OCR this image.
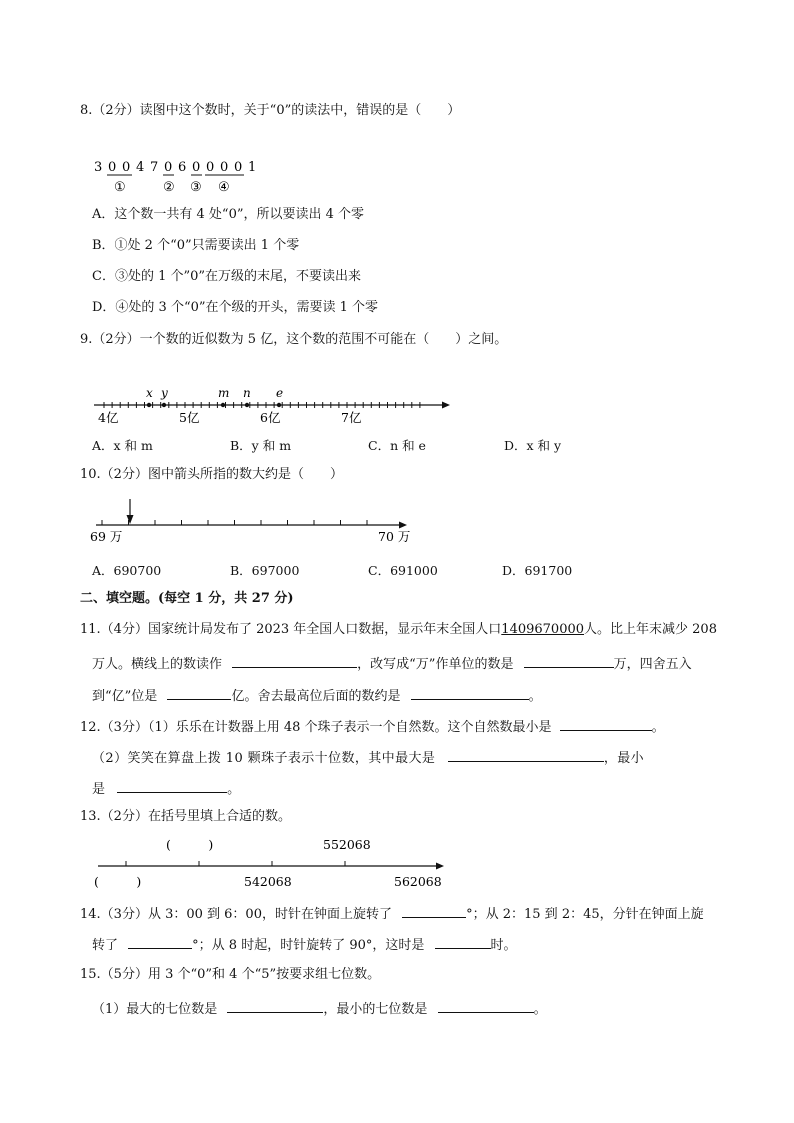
8.（2分）读图中这个数时，关于“0”的读法中，错误的是（　　）
3 0 0 4 7 0 6 0 0 0 0 1
①	② ③ ④
A．这个数一共有 4 处“0”，所以要读出 4 个零
B．①处 2 个“0”只需要读出 1 个零
C．③处的 1 个”0”在万级的末尾，不要读出来
D．④处的 3 个“0”在个级的开头，需要读 1 个零
9.（2分）一个数的近似数为 5 亿，这个数的范围不可能在（　　）之间。
x y	m n e
4亿	5亿	6亿	7亿
A．x 和 m	B．y 和 m	C．n 和 e	D．x 和 y
10.（2分）图中箭头所指的数大约是（　　）
69 万	70 万
A．690700	B．697000	C．691000	D．691700
二、填空题。(每空 1 分，共 27 分)
11.（4分）国家统计局发布了 2023 年全国人口数据，显示年末全国人口1409670000人。比上年末减少 208
万人。横线上的数读作	，改写成“万”作单位的数是	万，四舍五入
到“亿”位是	亿。舍去最高位后面的数约是	。
12.（3分）（1）乐乐在计数器上用 48 个珠子表示一个自然数。这个自然数最小是	。
（2）笑笑在算盘上拨 10 颗珠子表示十位数，其中最大是	，最小
是	。
13.（2分）在括号里填上合适的数。
(　　　)	552068
(　　　)	542068	562068
14.（3分）从 3：00 到 6：00，时针在钟面上旋转了	°；从 2：15 到 2：45，分针在钟面上旋
转了	°；从 8 时起，时针旋转了 90°，这时是	时。
15.（5分）用 3 个“0”和 4 个“5”按要求组七位数。
（1）最大的七位数是	，最小的七位数是	。
